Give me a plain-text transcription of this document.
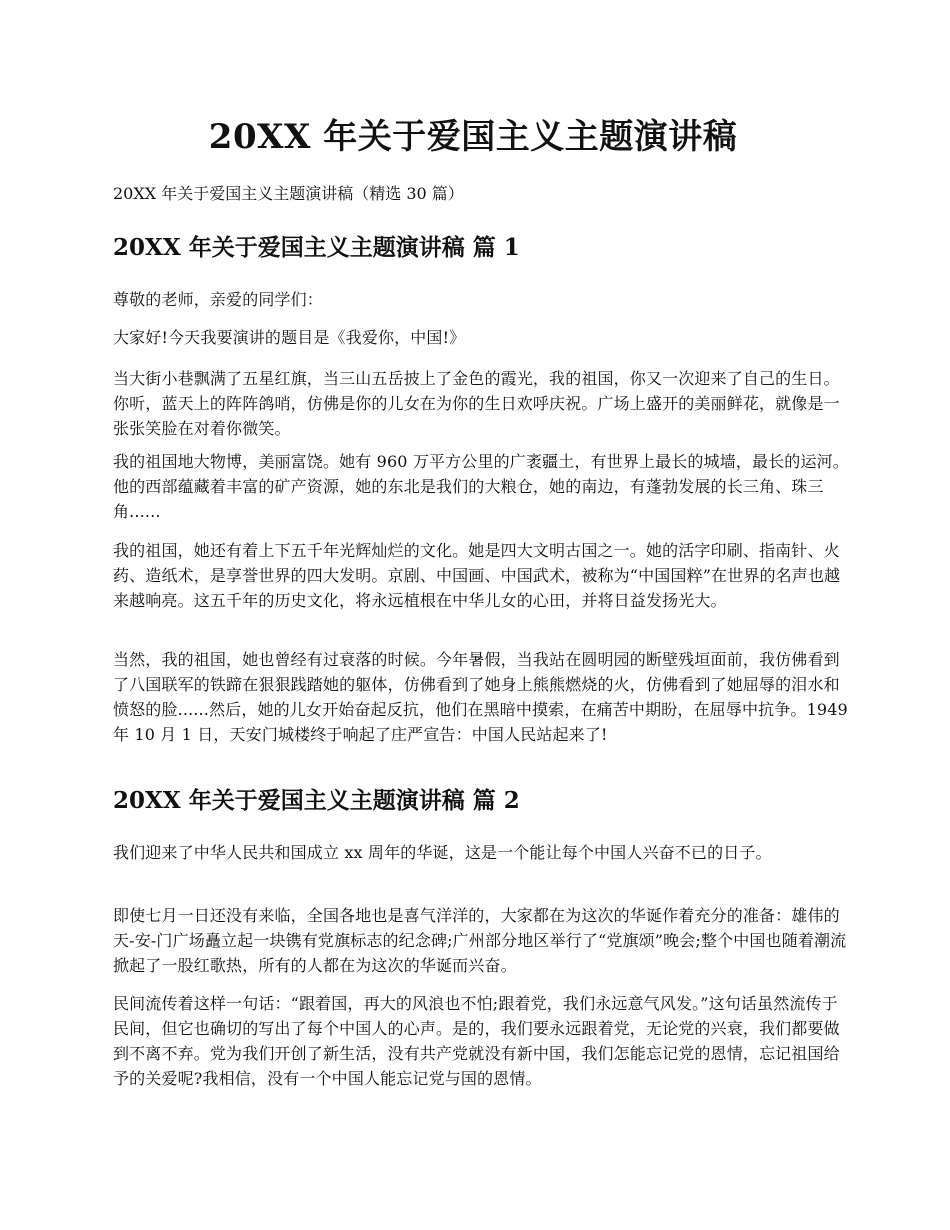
20XX 年关于爱国主义主题演讲稿

20XX 年关于爱国主义主题演讲稿（精选 30 篇）

20XX 年关于爱国主义主题演讲稿 篇 1

尊敬的老师，亲爱的同学们：

大家好!今天我要演讲的题目是《我爱你，中国!》

当大街小巷飘满了五星红旗，当三山五岳披上了金色的霞光，我的祖国，你又一次迎来了自己的生日。你听，蓝天上的阵阵鸽哨，仿佛是你的儿女在为你的生日欢呼庆祝。广场上盛开的美丽鲜花，就像是一张张笑脸在对着你微笑。

我的祖国地大物博，美丽富饶。她有 960 万平方公里的广袤疆土，有世界上最长的城墙，最长的运河。他的西部蕴藏着丰富的矿产资源，她的东北是我们的大粮仓，她的南边，有蓬勃发展的长三角、珠三角......

我的祖国，她还有着上下五千年光辉灿烂的文化。她是四大文明古国之一。她的活字印刷、指南针、火药、造纸术，是享誉世界的四大发明。京剧、中国画、中国武术，被称为“中国国粹”在世界的名声也越来越响亮。这五千年的历史文化，将永远植根在中华儿女的心田，并将日益发扬光大。

当然，我的祖国，她也曾经有过衰落的时候。今年暑假，当我站在圆明园的断壁残垣面前，我仿佛看到了八国联军的铁蹄在狠狠践踏她的躯体，仿佛看到了她身上熊熊燃烧的火，仿佛看到了她屈辱的泪水和愤怒的脸......然后，她的儿女开始奋起反抗，他们在黑暗中摸索，在痛苦中期盼，在屈辱中抗争。1949 年 10 月 1 日，天安门城楼终于响起了庄严宣告：中国人民站起来了!

20XX 年关于爱国主义主题演讲稿 篇 2

我们迎来了中华人民共和国成立 xx 周年的华诞，这是一个能让每个中国人兴奋不已的日子。

即使七月一日还没有来临，全国各地也是喜气洋洋的，大家都在为这次的华诞作着充分的准备：雄伟的天-安-门广场矗立起一块镌有党旗标志的纪念碑;广州部分地区举行了“党旗颂”晚会;整个中国也随着潮流掀起了一股红歌热，所有的人都在为这次的华诞而兴奋。

民间流传着这样一句话：“跟着国，再大的风浪也不怕;跟着党，我们永远意气风发。”这句话虽然流传于民间，但它也确切的写出了每个中国人的心声。是的，我们要永远跟着党，无论党的兴衰，我们都要做到不离不弃。党为我们开创了新生活，没有共产党就没有新中国，我们怎能忘记党的恩情，忘记祖国给予的关爱呢?我相信，没有一个中国人能忘记党与国的恩情。
